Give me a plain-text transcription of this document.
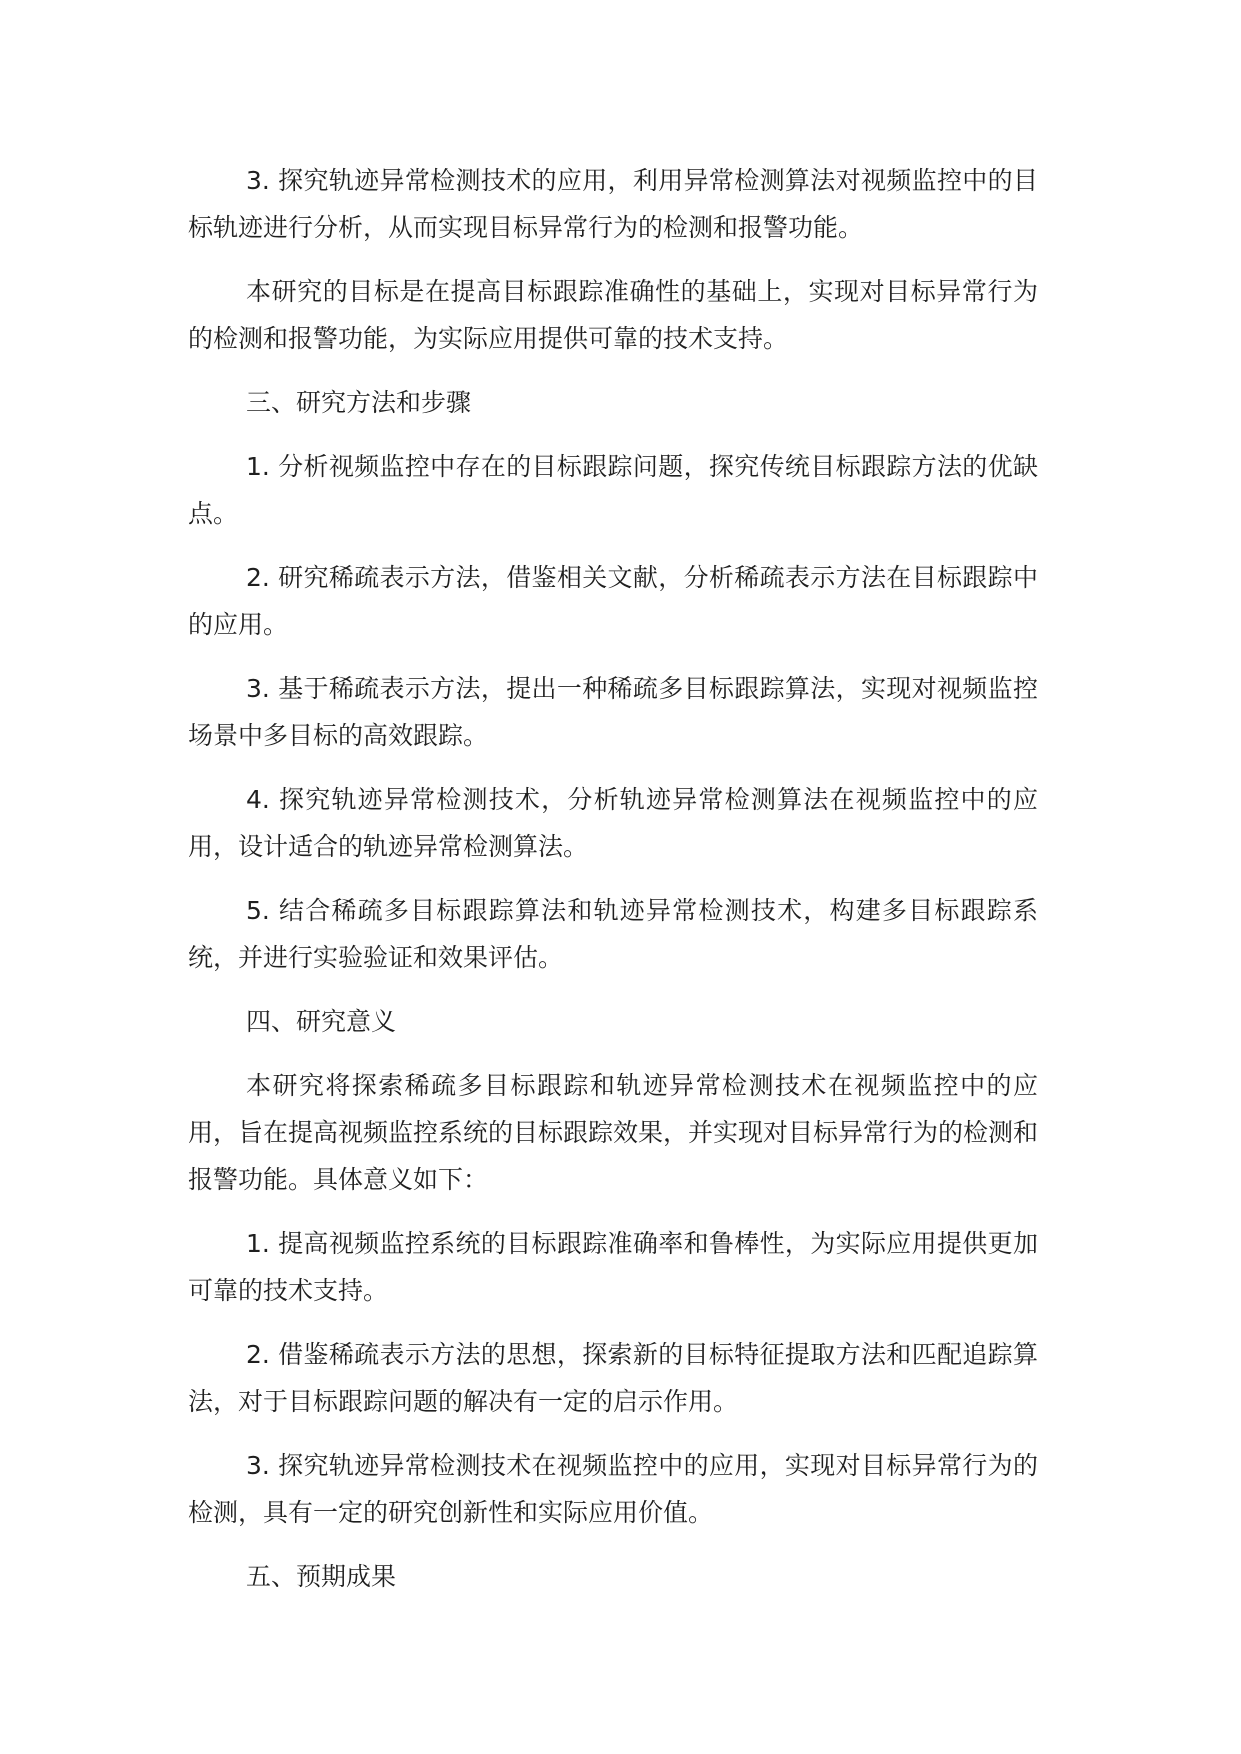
3. 探究轨迹异常检测技术的应用，利用异常检测算法对视频监控中的目标轨迹进行分析，从而实现目标异常行为的检测和报警功能。

本研究的目标是在提高目标跟踪准确性的基础上，实现对目标异常行为的检测和报警功能，为实际应用提供可靠的技术支持。

三、研究方法和步骤

1. 分析视频监控中存在的目标跟踪问题，探究传统目标跟踪方法的优缺点。

2. 研究稀疏表示方法，借鉴相关文献，分析稀疏表示方法在目标跟踪中的应用。

3. 基于稀疏表示方法，提出一种稀疏多目标跟踪算法，实现对视频监控场景中多目标的高效跟踪。

4. 探究轨迹异常检测技术，分析轨迹异常检测算法在视频监控中的应用，设计适合的轨迹异常检测算法。

5. 结合稀疏多目标跟踪算法和轨迹异常检测技术，构建多目标跟踪系统，并进行实验验证和效果评估。

四、研究意义

本研究将探索稀疏多目标跟踪和轨迹异常检测技术在视频监控中的应用，旨在提高视频监控系统的目标跟踪效果，并实现对目标异常行为的检测和报警功能。具体意义如下：

1. 提高视频监控系统的目标跟踪准确率和鲁棒性，为实际应用提供更加可靠的技术支持。

2. 借鉴稀疏表示方法的思想，探索新的目标特征提取方法和匹配追踪算法，对于目标跟踪问题的解决有一定的启示作用。

3. 探究轨迹异常检测技术在视频监控中的应用，实现对目标异常行为的检测，具有一定的研究创新性和实际应用价值。

五、预期成果
